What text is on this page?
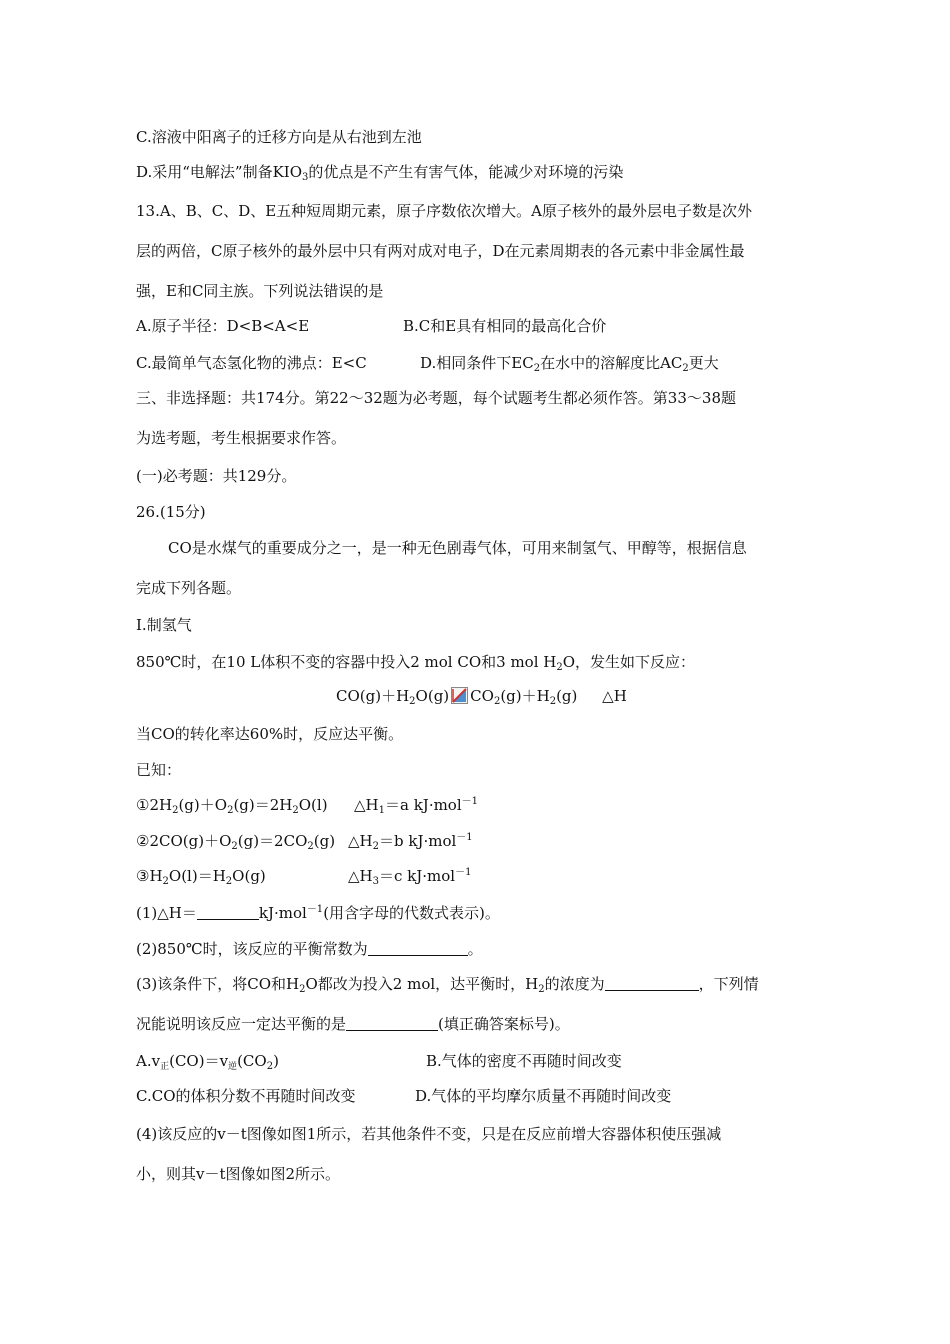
C.溶液中阳离子的迁移方向是从右池到左池
D.采用“电解法”制备$KIO_3$的优点是不产生有害气体，能减少对环境的污染
13.A、B、C、D、E五种短周期元素，原子序数依次增大。A原子核外的最外层电子数是次外
层的两倍，C原子核外的最外层中只有两对成对电子，D在元素周期表的各元素中非金属性最
强，E和C同主族。下列说法错误的是
A.原子半径：D<B<A<E	B.C和E具有相同的最高化合价
C.最简单气态氢化物的沸点：E<C	D.相同条件下$EC_2$在水中的溶解度比$AC_2$更大
三、非选择题：共174分。第22～32题为必考题，每个试题考生都必须作答。第33～38题
为选考题，考生根据要求作答。
(一)必考题：共129分。
26.(15分)
CO是水煤气的重要成分之一，是一种无色剧毒气体，可用来制氢气、甲醇等，根据信息
完成下列各题。
I.制氢气
850℃时，在10 L体积不变的容器中投入2 mol CO和3 mol $H_2O$，发生如下反应：
$CO(g)+H_2O(g)$ $CO_2(g)+H_2(g)$ △H
当CO的转化率达60%时，反应达平衡。
已知：
$①2H_2(g)+O_2(g)=2H_2O(l)$ $\triangle H_1=a$ kJ·mol$^{-1}$
$②2CO(g)+O_2(g)=2CO_2(g)$ $\triangle H_2=b$ kJ·mol$^{-1}$
$③H_2O(l)=H_2O(g)$	$\triangle H_3=c$ kJ·mol$^{-1}$
(1)△H＝	kJ·mol$^{-1}$(用含字母的代数式表示)。
(2)850℃时，该反应的平衡常数为	。
(3)该条件下，将CO和$H_2O$都改为投入2 mol，达平衡时，$H_2$的浓度为	，下列情
况能说明该反应一定达平衡的是	(填正确答案标号)。
$A.v_正(CO)=v_逆(CO_2)$	B.气体的密度不再随时间改变
C.CO的体积分数不再随时间改变	D.气体的平均摩尔质量不再随时间改变
(4)该反应的v－t图像如图1所示，若其他条件不变，只是在反应前增大容器体积使压强减
小，则其v－t图像如图2所示。
